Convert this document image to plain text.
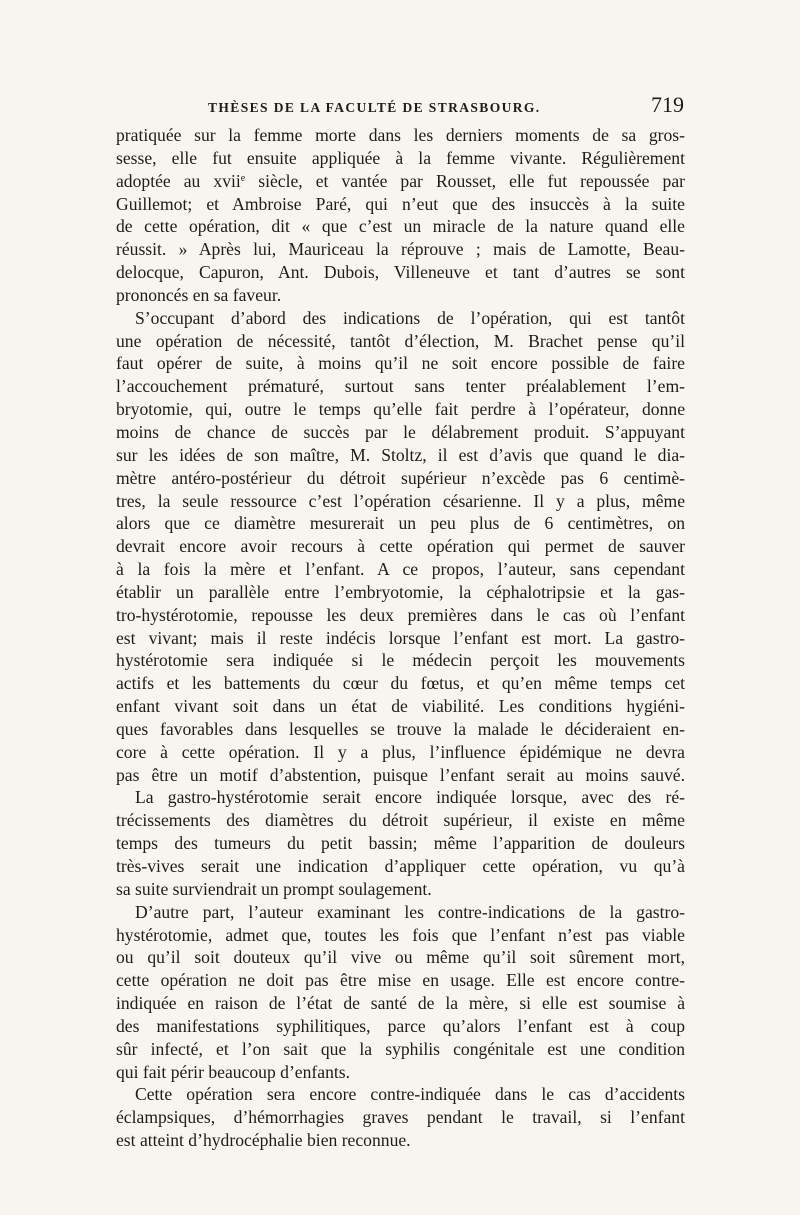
THÈSES DE LA FACULTÉ DE STRASBOURG.	719
pratiquée sur la femme morte dans les derniers moments de sa gros-
sesse, elle fut ensuite appliquée à la femme vivante. Régulièrement
adoptée au xvii$^e$ siècle, et vantée par Rousset, elle fut repoussée par
Guillemot; et Ambroise Paré, qui n’eut que des insuccès à la suite
de cette opération, dit « que c’est un miracle de la nature quand elle
réussit. » Après lui, Mauriceau la réprouve ; mais de Lamotte, Beau-
delocque, Capuron, Ant. Dubois, Villeneuve et tant d’autres se sont
prononcés en sa faveur.
S’occupant d’abord des indications de l’opération, qui est tantôt
une opération de nécessité, tantôt d’élection, M. Brachet pense qu’il
faut opérer de suite, à moins qu’il ne soit encore possible de faire
l’accouchement prématuré, surtout sans tenter préalablement l’em-
bryotomie, qui, outre le temps qu’elle fait perdre à l’opérateur, donne
moins de chance de succès par le délabrement produit. S’appuyant
sur les idées de son maître, M. Stoltz, il est d’avis que quand le dia-
mètre antéro-postérieur du détroit supérieur n’excède pas 6 centimè-
tres, la seule ressource c’est l’opération césarienne. Il y a plus, même
alors que ce diamètre mesurerait un peu plus de 6 centimètres, on
devrait encore avoir recours à cette opération qui permet de sauver
à la fois la mère et l’enfant. A ce propos, l’auteur, sans cependant
établir un parallèle entre l’embryotomie, la céphalotripsie et la gas-
tro-hystérotomie, repousse les deux premières dans le cas où l’enfant
est vivant; mais il reste indécis lorsque l’enfant est mort. La gastro-
hystérotomie sera indiquée si le médecin perçoit les mouvements
actifs et les battements du cœur du fœtus, et qu’en même temps cet
enfant vivant soit dans un état de viabilité. Les conditions hygiéni-
ques favorables dans lesquelles se trouve la malade le décideraient en-
core à cette opération. Il y a plus, l’influence épidémique ne devra
pas être un motif d’abstention, puisque l’enfant serait au moins sauvé.
La gastro-hystérotomie serait encore indiquée lorsque, avec des ré-
trécissements des diamètres du détroit supérieur, il existe en même
temps des tumeurs du petit bassin; même l’apparition de douleurs
très-vives serait une indication d’appliquer cette opération, vu qu’à
sa suite surviendrait un prompt soulagement.
D’autre part, l’auteur examinant les contre-indications de la gastro-
hystérotomie, admet que, toutes les fois que l’enfant n’est pas viable
ou qu’il soit douteux qu’il vive ou même qu’il soit sûrement mort,
cette opération ne doit pas être mise en usage. Elle est encore contre-
indiquée en raison de l’état de santé de la mère, si elle est soumise à
des manifestations syphilitiques, parce qu’alors l’enfant est à coup
sûr infecté, et l’on sait que la syphilis congénitale est une condition
qui fait périr beaucoup d’enfants.
Cette opération sera encore contre-indiquée dans le cas d’accidents
éclampsiques, d’hémorrhagies graves pendant le travail, si l’enfant
est atteint d’hydrocéphalie bien reconnue.
